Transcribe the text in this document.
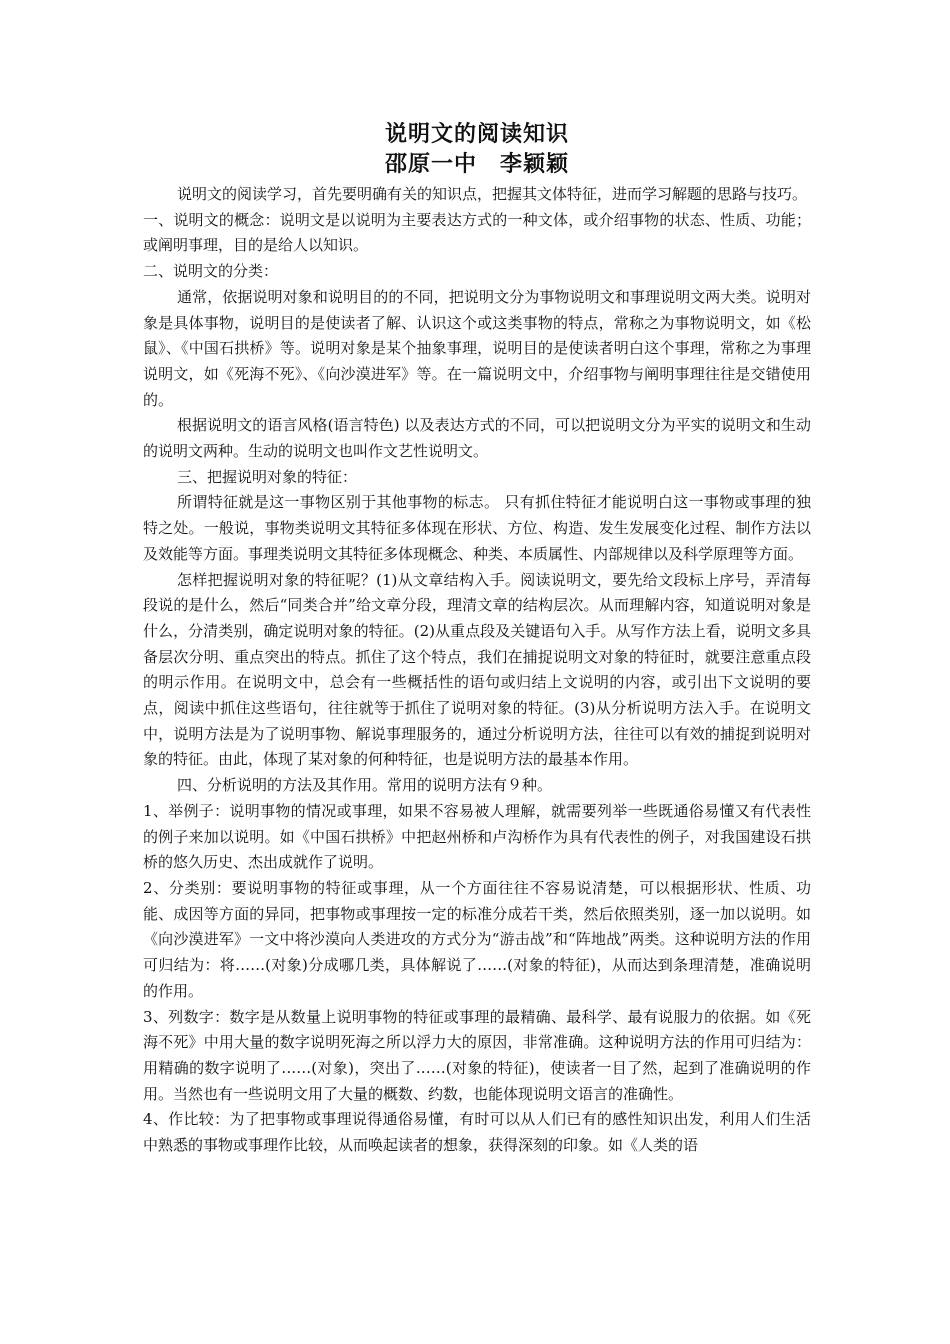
说明文的阅读知识
邵原一中　李颖颖

说明文的阅读学习，首先要明确有关的知识点，把握其文体特征，进而学习解题的思路与技巧。

一、说明文的概念：说明文是以说明为主要表达方式的一种文体，或介绍事物的状态、性质、功能；或阐明事理，目的是给人以知识。

二、说明文的分类：

通常，依据说明对象和说明目的的不同，把说明文分为事物说明文和事理说明文两大类。说明对象是具体事物，说明目的是使读者了解、认识这个或这类事物的特点，常称之为事物说明文，如《松鼠》、《中国石拱桥》等。说明对象是某个抽象事理，说明目的是使读者明白这个事理，常称之为事理说明文，如《死海不死》、《向沙漠进军》等。在一篇说明文中，介绍事物与阐明事理往往是交错使用的。

根据说明文的语言风格(语言特色) 以及表达方式的不同，可以把说明文分为平实的说明文和生动的说明文两种。生动的说明文也叫作文艺性说明文。

三、把握说明对象的特征：

所谓特征就是这一事物区别于其他事物的标志。 只有抓住特征才能说明白这一事物或事理的独特之处。一般说，事物类说明文其特征多体现在形状、方位、构造、发生发展变化过程、制作方法以及效能等方面。事理类说明文其特征多体现概念、种类、本质属性、内部规律以及科学原理等方面。

怎样把握说明对象的特征呢？(1)从文章结构入手。阅读说明文，要先给文段标上序号，弄清每段说的是什么，然后“同类合并”给文章分段，理清文章的结构层次。从而理解内容，知道说明对象是什么，分清类别，确定说明对象的特征。(2)从重点段及关键语句入手。从写作方法上看，说明文多具备层次分明、重点突出的特点。抓住了这个特点，我们在捕捉说明文对象的特征时，就要注意重点段的明示作用。在说明文中，总会有一些概括性的语句或归结上文说明的内容，或引出下文说明的要点，阅读中抓住这些语句，往往就等于抓住了说明对象的特征。(3)从分析说明方法入手。在说明文中，说明方法是为了说明事物、解说事理服务的，通过分析说明方法，往往可以有效的捕捉到说明对象的特征。由此，体现了某对象的何种特征，也是说明方法的最基本作用。

四、分析说明的方法及其作用。常用的说明方法有９种。

1、举例子：说明事物的情况或事理，如果不容易被人理解，就需要列举一些既通俗易懂又有代表性的例子来加以说明。如《中国石拱桥》中把赵州桥和卢沟桥作为具有代表性的例子，对我国建设石拱桥的悠久历史、杰出成就作了说明。

2、分类别：要说明事物的特征或事理，从一个方面往往不容易说清楚，可以根据形状、性质、功能、成因等方面的异同，把事物或事理按一定的标准分成若干类，然后依照类别，逐一加以说明。如《向沙漠进军》一文中将沙漠向人类进攻的方式分为“游击战”和“阵地战”两类。这种说明方法的作用可归结为：将……(对象)分成哪几类，具体解说了……(对象的特征)，从而达到条理清楚，准确说明的作用。

3、列数字：数字是从数量上说明事物的特征或事理的最精确、最科学、最有说服力的依据。如《死海不死》中用大量的数字说明死海之所以浮力大的原因，非常准确。这种说明方法的作用可归结为：用精确的数字说明了……(对象)，突出了……(对象的特征)，使读者一目了然，起到了准确说明的作用。当然也有一些说明文用了大量的概数、约数，也能体现说明文语言的准确性。

4、作比较：为了把事物或事理说得通俗易懂，有时可以从人们已有的感性知识出发，利用人们生活中熟悉的事物或事理作比较，从而唤起读者的想象，获得深刻的印象。如《人类的语
